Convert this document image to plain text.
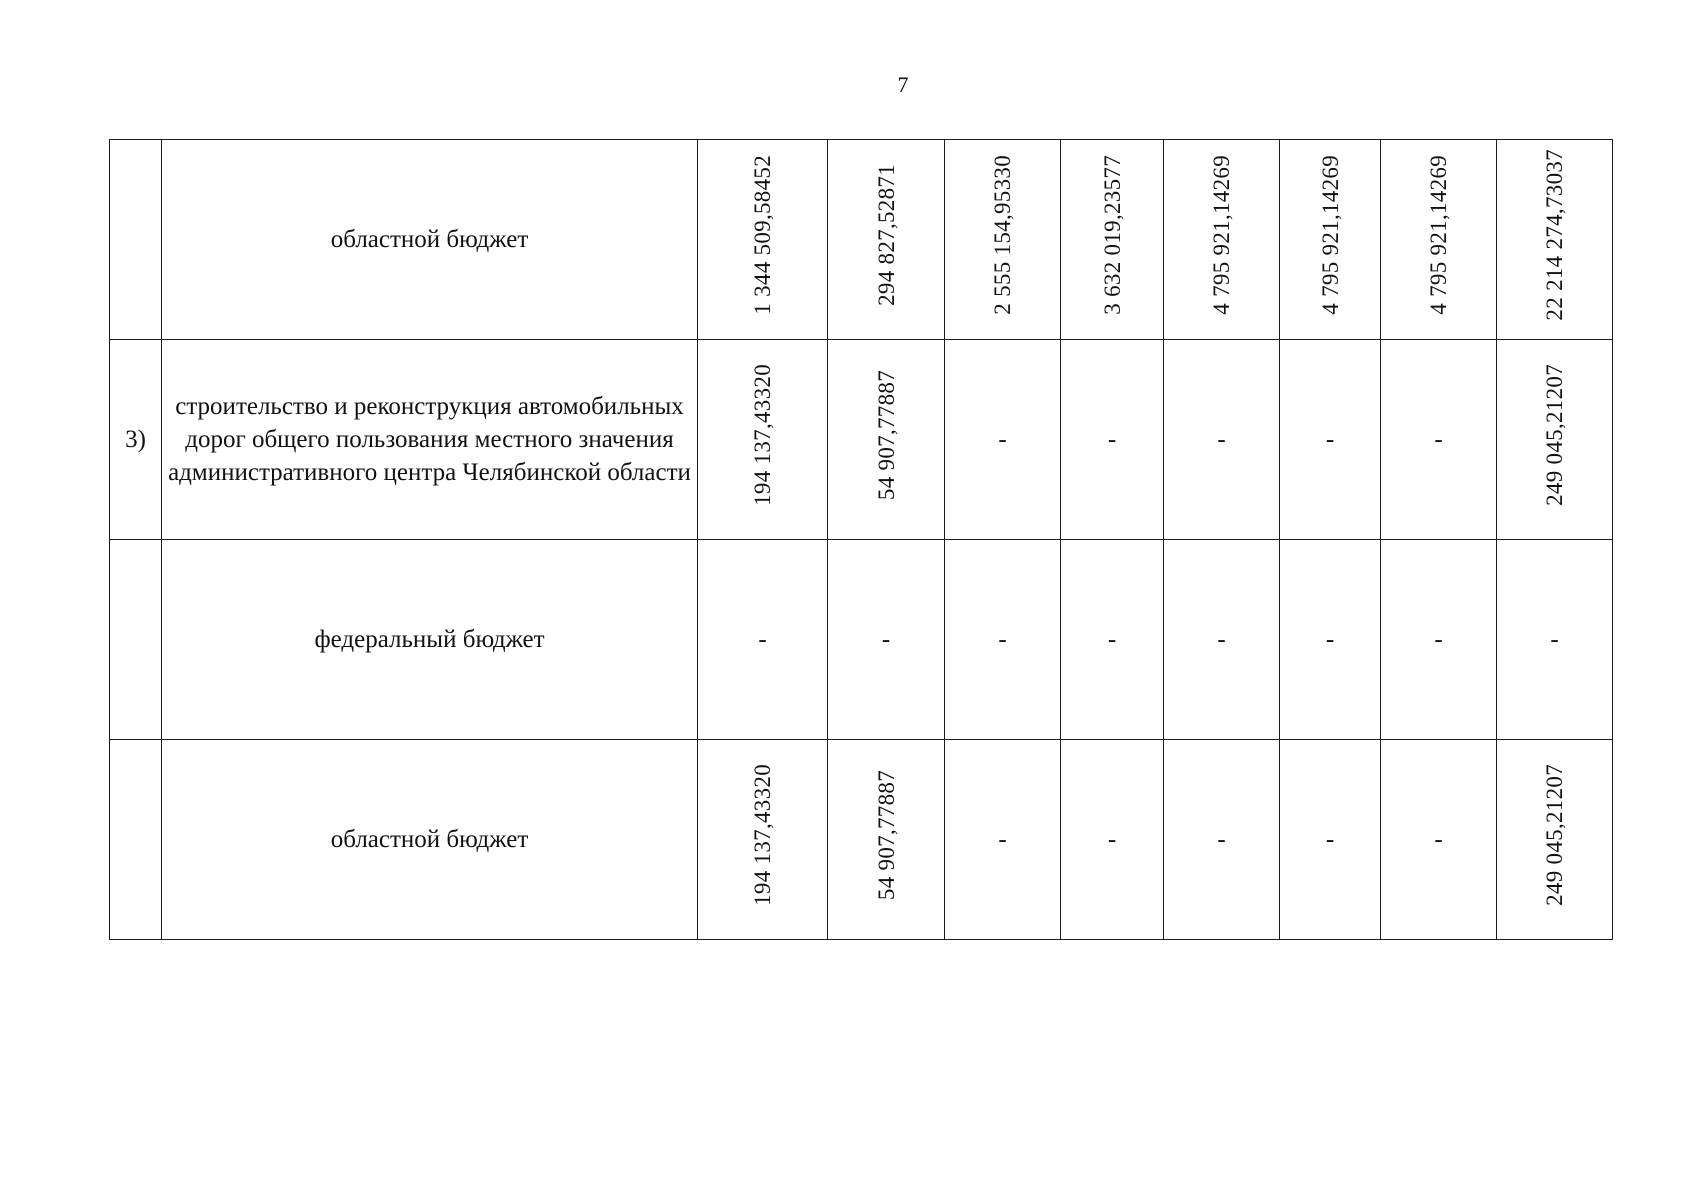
7
	областной бюджет	1 344 509,58452	294 827,52871	2 555 154,95330	3 632 019,23577	4 795 921,14269	4 795 921,14269	4 795 921,14269	22 214 274,73037
3)	строительство и реконструкция автомобильных дорог общего пользования местного значения административного центра Челябинской области	194 137,43320	54 907,77887	-	-	-	-	-	249 045,21207
	федеральный бюджет	-	-	-	-	-	-	-	-
	областной бюджет	194 137,43320	54 907,77887	-	-	-	-	-	249 045,21207
